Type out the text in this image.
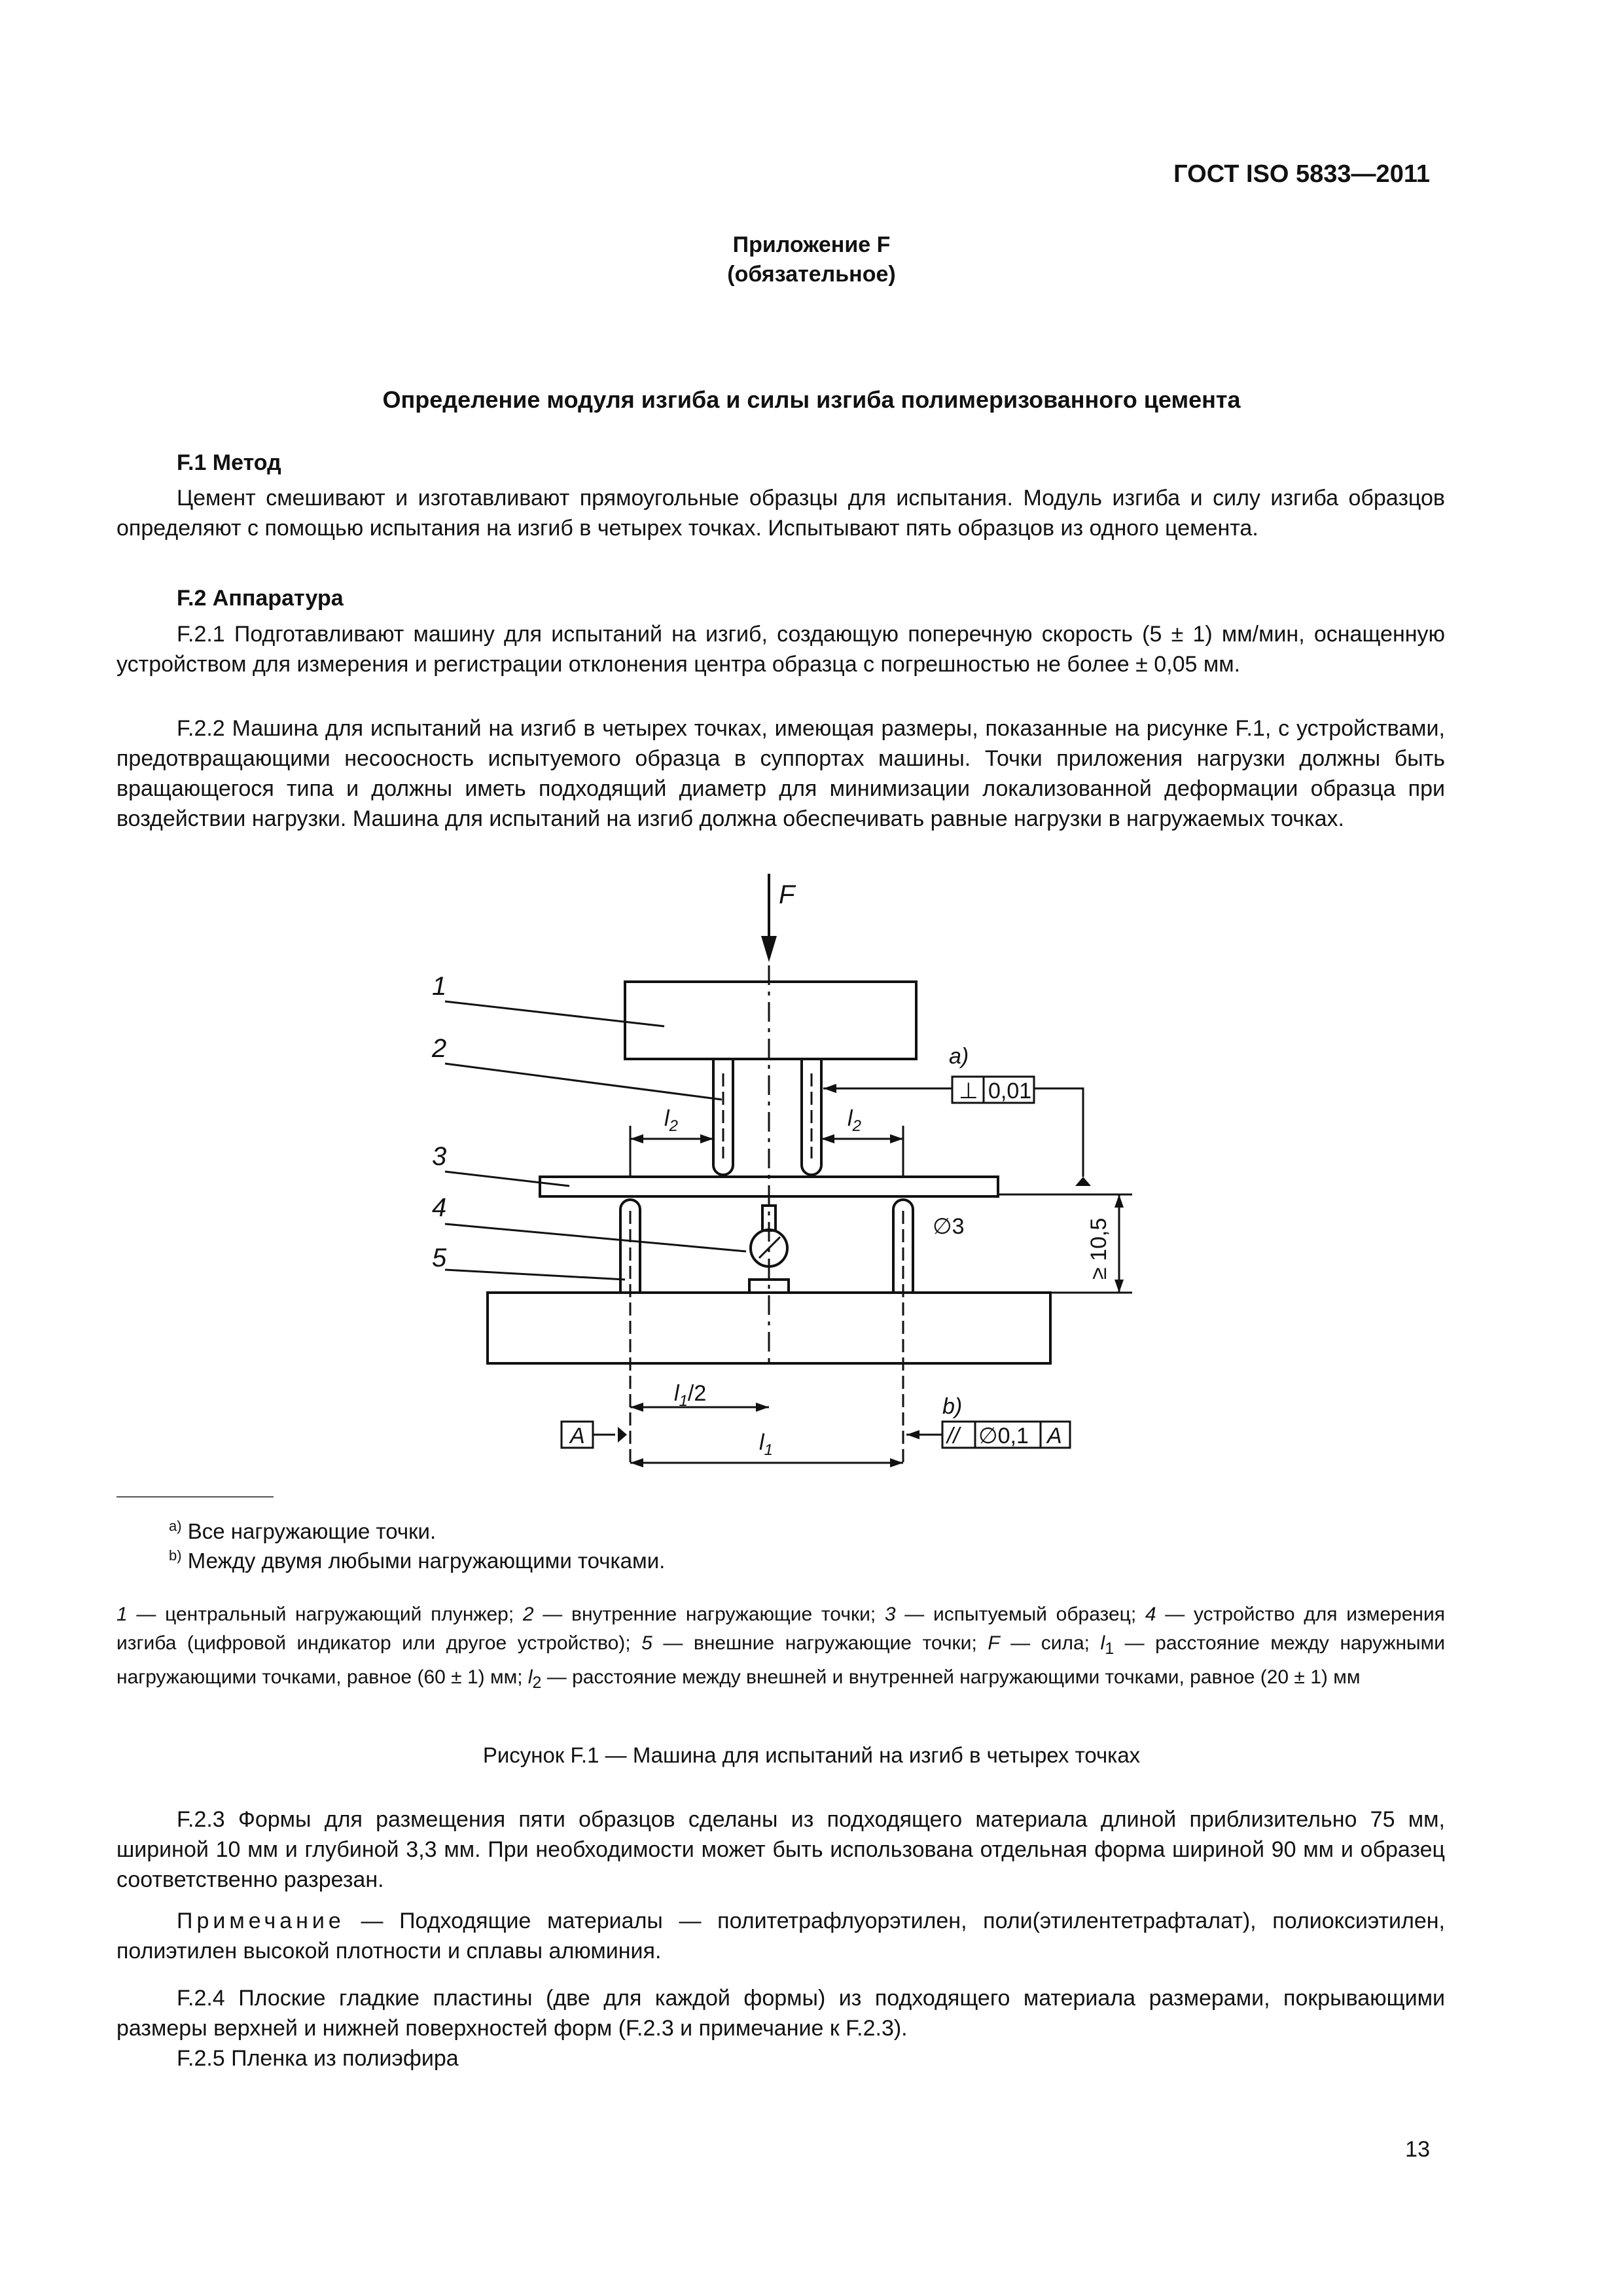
ГОСТ ISO 5833—2011
Приложение F
(обязательное)
Определение модуля изгиба и силы изгиба полимеризованного цемента
F.1 Метод
Цемент смешивают и изготавливают прямоугольные образцы для испытания. Модуль изгиба и силу изгиба образцов определяют с помощью испытания на изгиб в четырех точках. Испытывают пять образцов из одного цемента.
F.2 Аппаратура
F.2.1 Подготавливают машину для испытаний на изгиб, создающую поперечную скорость (5 ± 1) мм/мин, оснащенную устройством для измерения и регистрации отклонения центра образца с погрешностью не более ± 0,05 мм.
F.2.2 Машина для испытаний на изгиб в четырех точках, имеющая размеры, показанные на рисунке F.1, с устройствами, предотвращающими несоосность испытуемого образца в суппортах машины. Точки приложения нагрузки должны быть вращающегося типа и должны иметь подходящий диаметр для минимизации локализованной деформации образца при воздействии нагрузки. Машина для испытаний на изгиб должна обеспечивать равные нагрузки в нагружаемых точках.
F
1
2
3
4
5
$l_2$	$l_2$
a)
⊥ 0,01
∅3	≥ 10,5
$l_1/2$
$l_1$
b)
A	// ∅0,1 A
$^{a)}$ Все нагружающие точки.
$^{b)}$ Между двумя любыми нагружающими точками.
1 — центральный нагружающий плунжер; 2 — внутренние нагружающие точки; 3 — испытуемый образец; 4 — устройство для измерения изгиба (цифровой индикатор или другое устройство); 5 — внешние нагружающие точки; F — сила; $l_1$ — расстояние между наружными нагружающими точками, равное (60 ± 1) мм; $l_2$ — расстояние между внешней и внутренней нагружающими точками, равное (20 ± 1) мм
Рисунок F.1 — Машина для испытаний на изгиб в четырех точках
F.2.3 Формы для размещения пяти образцов сделаны из подходящего материала длиной приблизительно 75 мм, шириной 10 мм и глубиной 3,3 мм. При необходимости может быть использована отдельная форма шириной 90 мм и образец соответственно разрезан.
Примечание — Подходящие материалы — политетрафлуорэтилен, поли(этилентетрафталат), полиоксиэтилен, полиэтилен высокой плотности и сплавы алюминия.
F.2.4 Плоские гладкие пластины (две для каждой формы) из подходящего материала размерами, покрывающими размеры верхней и нижней поверхностей форм (F.2.3 и примечание к F.2.3).
F.2.5 Пленка из полиэфира
13
